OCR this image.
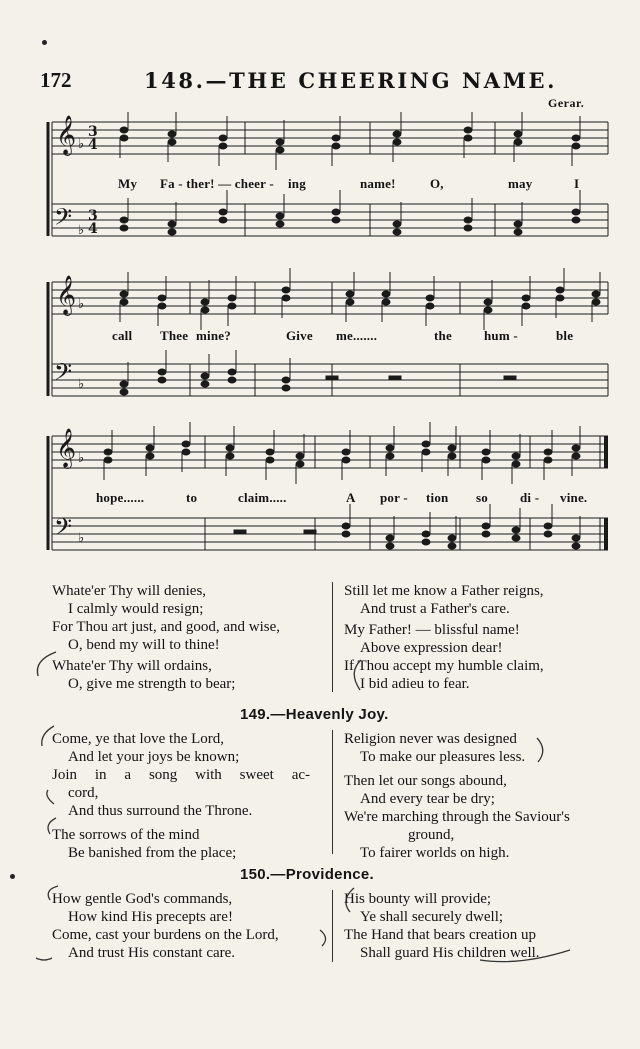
172	148.—THE CHEERING NAME.
Gerar.
𝄞
𝄢
𝄞
𝄢
𝄞
𝄢
3
4
3
4
♭
♭
♭
♭
♭
♭
My Fa - ther! — cheer - ing	name!	O,	may	I
call Thee mine?	Give me.......	the hum -	ble
hope......	to	claim.....	A por - tion so di - vine.
Whate'er Thy will denies,
I calmly would resign;
For Thou art just, and good, and wise,
O, bend my will to thine!
Whate'er Thy will ordains,
O, give me strength to bear;
Still let me know a Father reigns,
And trust a Father's care.
My Father! — blissful name!
Above expression dear!
If Thou accept my humble claim,
I bid adieu to fear.
149.—Heavenly Joy.
Come, ye that love the Lord,
And let your joys be known;
Join in a song with sweet ac-
cord,
And thus surround the Throne.
The sorrows of the mind
Be banished from the place;
Religion never was designed
To make our pleasures less.
Then let our songs abound,
And every tear be dry;
We're marching through the Saviour's
ground,
To fairer worlds on high.
150.—Providence.
How gentle God's commands,
How kind His precepts are!
Come, cast your burdens on the Lord,
And trust His constant care.
His bounty will provide;
Ye shall securely dwell;
The Hand that bears creation up
Shall guard His children well.
